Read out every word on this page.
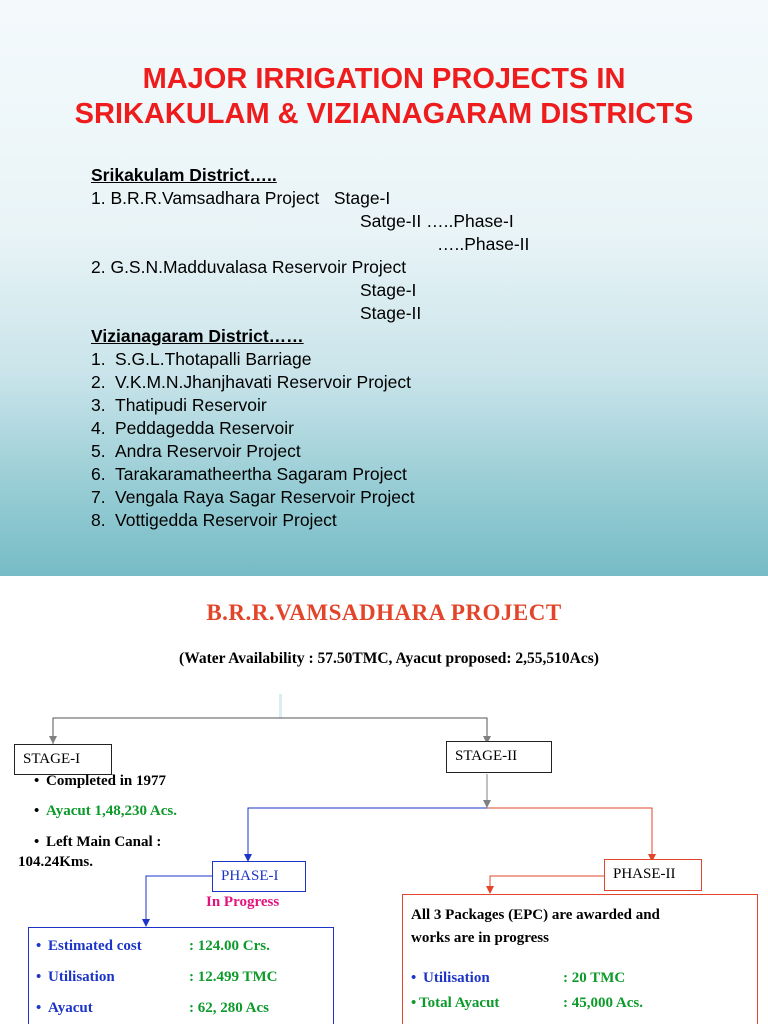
MAJOR IRRIGATION PROJECTS IN
SRIKAKULAM & VIZIANAGARAM DISTRICTS
Srikakulam District…..
1. B.R.R.Vamsadhara Project   Stage-I
Satge-II …..Phase-I
…..Phase-II
2. G.S.N.Madduvalasa Reservoir Project
Stage-I
Stage-II
Vizianagaram District……
1. S.G.L.Thotapalli Barriage
2. V.K.M.N.Jhanjhavati Reservoir Project
3. Thatipudi Reservoir
4. Peddagedda Reservoir
5. Andra Reservoir Project
6. Tarakaramatheertha Sagaram Project
7. Vengala Raya Sagar Reservoir Project
8. Vottigedda Reservoir Project
B.R.R.VAMSADHARA PROJECT
(Water Availability : 57.50TMC, Ayacut proposed: 2,55,510Acs)
STAGE-I
• Completed in 1977
• Ayacut 1,48,230 Acs.
• Left Main Canal :
104.24Kms.
STAGE-II
PHASE-I
In Progress
• Estimated cost	: 124.00 Crs.
• Utilisation	: 12.499 TMC
• Ayacut	: 62, 280 Acs
PHASE-II
All 3 Packages (EPC) are awarded and
works are in progress
• Utilisation	: 20 TMC
• Total Ayacut	: 45,000 Acs.
